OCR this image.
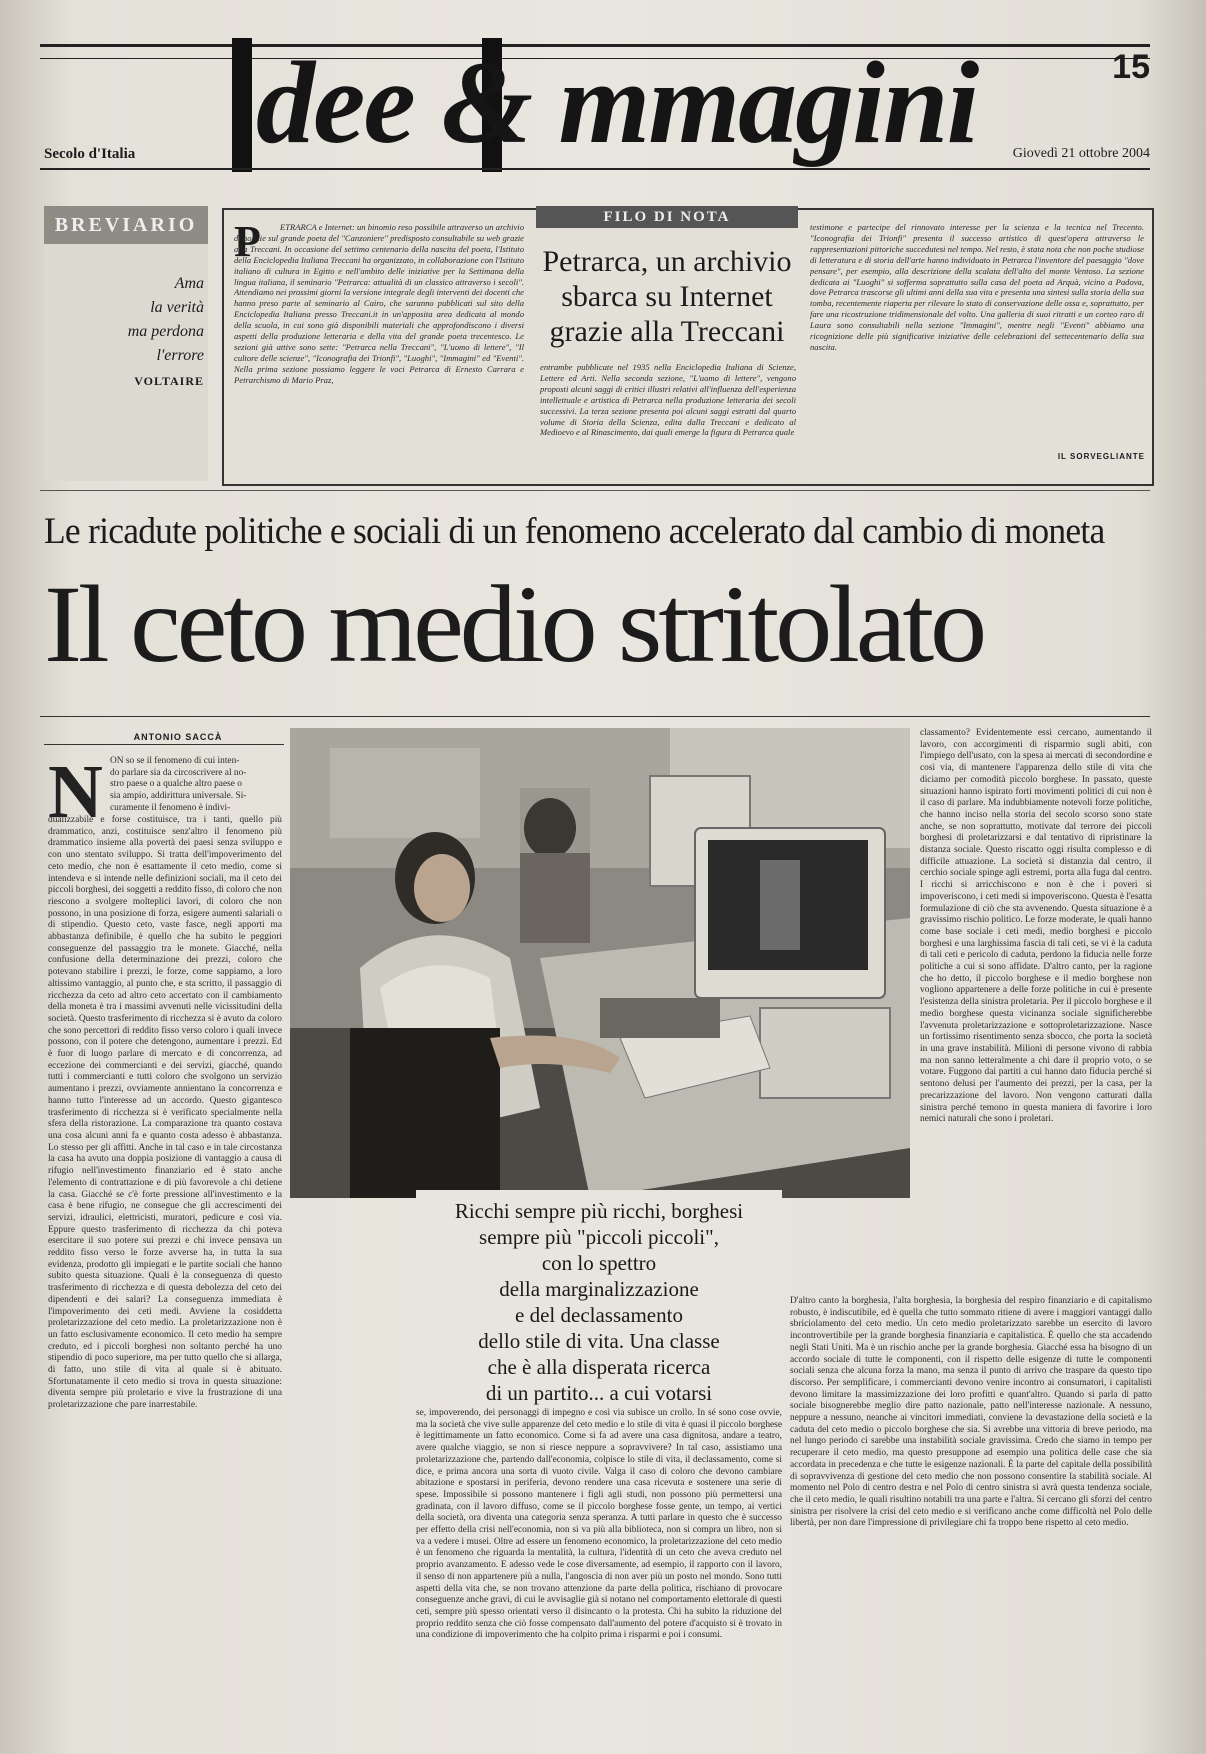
dee & mmagini	15
Secolo d'Italia	Giovedì 21 ottobre 2004
BREVIARIO
Ama
la verità
ma perdona
l'errore
VOLTAIRE
P	ETRARCA e Internet: un binomio reso possibile attraverso un archivio di notizie sul grande poeta del "Canzoniere" predisposto consultabile su web grazie alla Treccani. In occasione del settimo centenario della nascita del poeta, l'Istituto della Enciclopedia Italiana Treccani ha organizzato, in collaborazione con l'Istituto italiano di cultura in Egitto e nell'ambito delle iniziative per la Settimana della lingua italiana, il seminario "Petrarca: attualità di un classico attraverso i secoli". Attendiamo nei prossimi giorni la versione integrale degli interventi dei docenti che hanno preso parte al seminario al Cairo, che saranno pubblicati sul sito della Enciclopedia Italiana presso Treccani.it in un'apposita area dedicata al mondo della scuola, in cui sono già disponibili materiali che approfondiscono i diversi aspetti della produzione letteraria e della vita del grande poeta trecentesco. Le sezioni già attive sono sette: "Petrarca nella Treccani", "L'uomo di lettere", "Il cultore delle scienze", "Iconografia dei Trionfi", "Luoghi", "Immagini" ed "Eventi". Nella prima sezione possiamo leggere le voci Petrarca di Ernesto Carrara e Petrarchismo di Mario Praz,
FILO DI NOTA
Petrarca, un archivio
sbarca su Internet
grazie alla Treccani
entrambe pubblicate nel 1935 nella Enciclopedia Italiana di Scienze, Lettere ed Arti. Nella seconda sezione, "L'uomo di lettere", vengono proposti alcuni saggi di critici illustri relativi all'influenza dell'esperienza intellettuale e artistica di Petrarca nella produzione letteraria dei secoli successivi. La terza sezione presenta poi alcuni saggi estratti dal quarto volume di Storia della Scienza, edita dalla Treccani e dedicato al Medioevo e al Rinascimento, dai quali emerge la figura di Petrarca quale
testimone e partecipe del rinnovato interesse per la scienza e la tecnica nel Trecento. "Iconografia dei Trionfi" presenta il successo artistico di quest'opera attraverso le rappresentazioni pittoriche succedutesi nel tempo. Nel resto, è stata nota che non poche studiose di letteratura e di storia dell'arte hanno individuato in Petrarca l'inventore del paesaggio "dove pensare", per esempio, alla descrizione della scalata dell'alto del monte Ventoso. La sezione dedicata ai "Luoghi" si sofferma soprattutto sulla casa del poeta ad Arquà, vicino a Padova, dove Petrarca trascorse gli ultimi anni della sua vita e presenta una sintesi sulla storia della sua tomba, recentemente riaperta per rilevare lo stato di conservazione delle ossa e, soprattutto, per fare una ricostruzione tridimensionale del volto. Una galleria di suoi ritratti e un corteo raro di Laura sono consultabili nella sezione "Immagini", mentre negli "Eventi" abbiamo una ricognizione delle più significative iniziative delle celebrazioni del settecentenario della sua nascita.
IL SORVEGLIANTE
Le ricadute politiche e sociali di un fenomeno accelerato dal cambio di moneta
Il ceto medio stritolato
ANTONIO SACCÀ
N ON so se il fenomeno di cui inten-
do parlare sia da circoscrivere al no-
stro paese o a qualche altro paese o
sia ampio, addirittura universale. Si-
curamente il fenomeno è indivi-
dualizzabile e forse costituisce, tra i tanti, quello più drammatico, anzi, costituisce senz'altro il fenomeno più drammatico insieme alla povertà dei paesi senza sviluppo e con uno stentato sviluppo. Si tratta dell'impoverimento del ceto medio, che non è esattamente il ceto medio, come si intendeva e si intende nelle definizioni sociali, ma il ceto dei piccoli borghesi, dei soggetti a reddito fisso, di coloro che non riescono a svolgere molteplici lavori, di coloro che non possono, in una posizione di forza, esigere aumenti salariali o di stipendio. Questo ceto, vaste fasce, negli apporti ma abbastanza definibile, è quello che ha subito le peggiori conseguenze del passaggio tra le monete. Giacché, nella confusione della determinazione dei prezzi, coloro che potevano stabilire i prezzi, le forze, come sappiamo, a loro altissimo vantaggio, al punto che, e sta scritto, il passaggio di ricchezza da ceto ad altro ceto accertato con il cambiamento della moneta è tra i massimi avvenuti nelle vicissitudini della società. Questo trasferimento di ricchezza si è avuto da coloro che sono percettori di reddito fisso verso coloro i quali invece possono, con il potere che detengono, aumentare i prezzi. Ed è fuor di luogo parlare di mercato e di concorrenza, ad eccezione dei commercianti e dei servizi, giacché, quando tutti i commercianti e tutti coloro che svolgono un servizio aumentano i prezzi, ovviamente annientano la concorrenza e hanno tutto l'interesse ad un accordo. Questo gigantesco trasferimento di ricchezza si è verificato specialmente nella sfera della ristorazione. La comparazione tra quanto costava una cosa alcuni anni fa e quanto costa adesso è abbastanza. Lo stesso per gli affitti. Anche in tal caso e in tale circostanza la casa ha avuto una doppia posizione di vantaggio a causa di rifugio nell'investimento finanziario ed è stato anche l'elemento di contrattazione e di più favorevole a chi detiene la casa. Giacché se c'è forte pressione all'investimento e la casa è bene rifugio, ne consegue che gli accrescimenti dei servizi, idraulici, elettricisti, muratori, pedicure e così via. Eppure questo trasferimento di ricchezza da chi poteva esercitare il suo potere sui prezzi e chi invece pensava un reddito fisso verso le forze avverse ha, in tutta la sua evidenza, prodotto gli impiegati e le partite sociali che hanno subito questa situazione. Quali è la conseguenza di questo trasferimento di ricchezza e di questa debolezza del ceto dei dipendenti e dei salari? La conseguenza immediata è l'impoverimento dei ceti medi. Avviene la cosiddetta proletarizzazione del ceto medio. La proletarizzazione non è un fatto esclusivamente economico. Il ceto medio ha sempre creduto, ed i piccoli borghesi non soltanto perché ha uno stipendio di poco superiore, ma per tutto quello che si allarga, di fatto, uno stile di vita al quale si è abituato. Sfortunatamente il ceto medio si trova in questa situazione: diventa sempre più proletario e vive la frustrazione di una proletarizzazione che pare inarrestabile.
Ricchi sempre più ricchi, borghesi
sempre più "piccoli piccoli",
con lo spettro
della marginalizzazione
e del declassamento
dello stile di vita. Una classe
che è alla disperata ricerca
di un partito... a cui votarsi
se, impoverendo, dei personaggi di impegno e così via subisce un crollo. In sé sono cose ovvie, ma la società che vive sulle apparenze del ceto medio e lo stile di vita è quasi il piccolo borghese è legittimamente un fatto economico. Come si fa ad avere una casa dignitosa, andare a teatro, avere qualche viaggio, se non si riesce neppure a sopravvivere? In tal caso, assistiamo una proletarizzazione che, partendo dall'economia, colpisce lo stile di vita, il declassamento, come si dice, e prima ancora una sorta di vuoto civile. Valga il caso di coloro che devono cambiare abitazione e spostarsi in periferia, devono rendere una casa ricevuta e sostenere una serie di spese. Impossibile si possono mantenere i figli agli studi, non possono più permettersi una gradinata, con il lavoro diffuso, come se il piccolo borghese fosse gente, un tempo, ai vertici della società, ora diventa una categoria senza speranza. A tutti parlare in questo che è successo per effetto della crisi nell'economia, non si va più alla biblioteca, non si compra un libro, non si va a vedere i musei. Oltre ad essere un fenomeno economico, la proletarizzazione del ceto medio è un fenomeno che riguarda la mentalità, la cultura, l'identità di un ceto che aveva creduto nel proprio avanzamento. E adesso vede le cose diversamente, ad esempio, il rapporto con il lavoro, il senso di non appartenere più a nulla, l'angoscia di non aver più un posto nel mondo. Sono tutti aspetti della vita che, se non trovano attenzione da parte della politica, rischiano di provocare conseguenze anche gravi, di cui le avvisaglie già si notano nel comportamento elettorale di questi ceti, sempre più spesso orientati verso il disincanto o la protesta. Chi ha subito la riduzione del proprio reddito senza che ciò fosse compensato dall'aumento del potere d'acquisto si è trovato in una condizione di impoverimento che ha colpito prima i risparmi e poi i consumi.
classamento? Evidentemente essi cercano, aumentando il lavoro, con accorgimenti di risparmio sugli abiti, con l'impiego dell'usato, con la spesa ai mercati di secondordine e così via, di mantenere l'apparenza dello stile di vita che diciamo per comodità piccolo borghese. In passato, queste situazioni hanno ispirato forti movimenti politici di cui non è il caso di parlare. Ma indubbiamente notevoli forze politiche, che hanno inciso nella storia del secolo scorso sono state anche, se non soprattutto, motivate dal terrore dei piccoli borghesi di proletarizzarsi e dal tentativo di ripristinare la distanza sociale. Questo riscatto oggi risulta complesso e di difficile attuazione. La società si distanzia dal centro, il cerchio sociale spinge agli estremi, porta alla fuga dal centro. I ricchi si arricchiscono e non è che i poveri si impoveriscono, i ceti medi si impoveriscono. Questa è l'esatta formulazione di ciò che sta avvenendo. Questa situazione è a gravissimo rischio politico. Le forze moderate, le quali hanno come base sociale i ceti medi, medio borghesi e piccolo borghesi e una larghissima fascia di tali ceti, se vi è la caduta di tali ceti e pericolo di caduta, perdono la fiducia nelle forze politiche a cui si sono affidate. D'altro canto, per la ragione che ho detto, il piccolo borghese e il medio borghese non vogliono appartenere a delle forze politiche in cui è presente l'esistenza della sinistra proletaria. Per il piccolo borghese e il medio borghese questa vicinanza sociale significherebbe l'avvenuta proletarizzazione e sottoproletarizzazione. Nasce un fortissimo risentimento senza sbocco, che porta la società in una grave instabilità. Milioni di persone vivono di rabbia ma non sanno letteralmente a chi dare il proprio voto, o se votare. Fuggono dai partiti a cui hanno dato fiducia perché si sentono delusi per l'aumento dei prezzi, per la casa, per la precarizzazione del lavoro. Non vengono catturati dalla sinistra perché temono in questa maniera di favorire i loro nemici naturali che sono i proletari.
D'altro canto la borghesia, l'alta borghesia, la borghesia del respiro finanziario e di capitalismo robusto, è indiscutibile, ed è quella che tutto sommato ritiene di avere i maggiori vantaggi dallo sbriciolamento del ceto medio. Un ceto medio proletarizzato sarebbe un esercito di lavoro incontrovertibile per la grande borghesia finanziaria e capitalistica. È quello che sta accadendo negli Stati Uniti. Ma è un rischio anche per la grande borghesia. Giacché essa ha bisogno di un accordo sociale di tutte le componenti, con il rispetto delle esigenze di tutte le componenti sociali senza che alcuna forza la mano, ma senza il punto di arrivo che traspare da questo tipo discorso. Per semplificare, i commercianti devono venire incontro ai consumatori, i capitalisti devono limitare la massimizzazione dei loro profitti e quant'altro. Quando si parla di patto sociale bisognerebbe meglio dire patto nazionale, patto nell'interesse nazionale. A nessuno, neppure a nessuno, neanche ai vincitori immediati, conviene la devastazione della società e la caduta del ceto medio o piccolo borghese che sia. Si avrebbe una vittoria di breve periodo, ma nel lungo periodo ci sarebbe una instabilità sociale gravissima. Credo che siamo in tempo per recuperare il ceto medio, ma questo presuppone ad esempio una politica delle case che sia accordata in precedenza e che tutte le esigenze nazionali. È la parte del capitale della possibilità di sopravvivenza di gestione del ceto medio che non possono consentire la stabilità sociale. Al momento nel Polo di centro destra e nel Polo di centro sinistra si avrà questa tendenza sociale, che il ceto medio, le quali risultino notabili tra una parte e l'altra. Si cercano gli sforzi del centro sinistra per risolvere la crisi del ceto medio e si verificano anche come difficoltà nel Polo delle libertà, per non dare l'impressione di privilegiare chi fa troppo bene rispetto al ceto medio.
